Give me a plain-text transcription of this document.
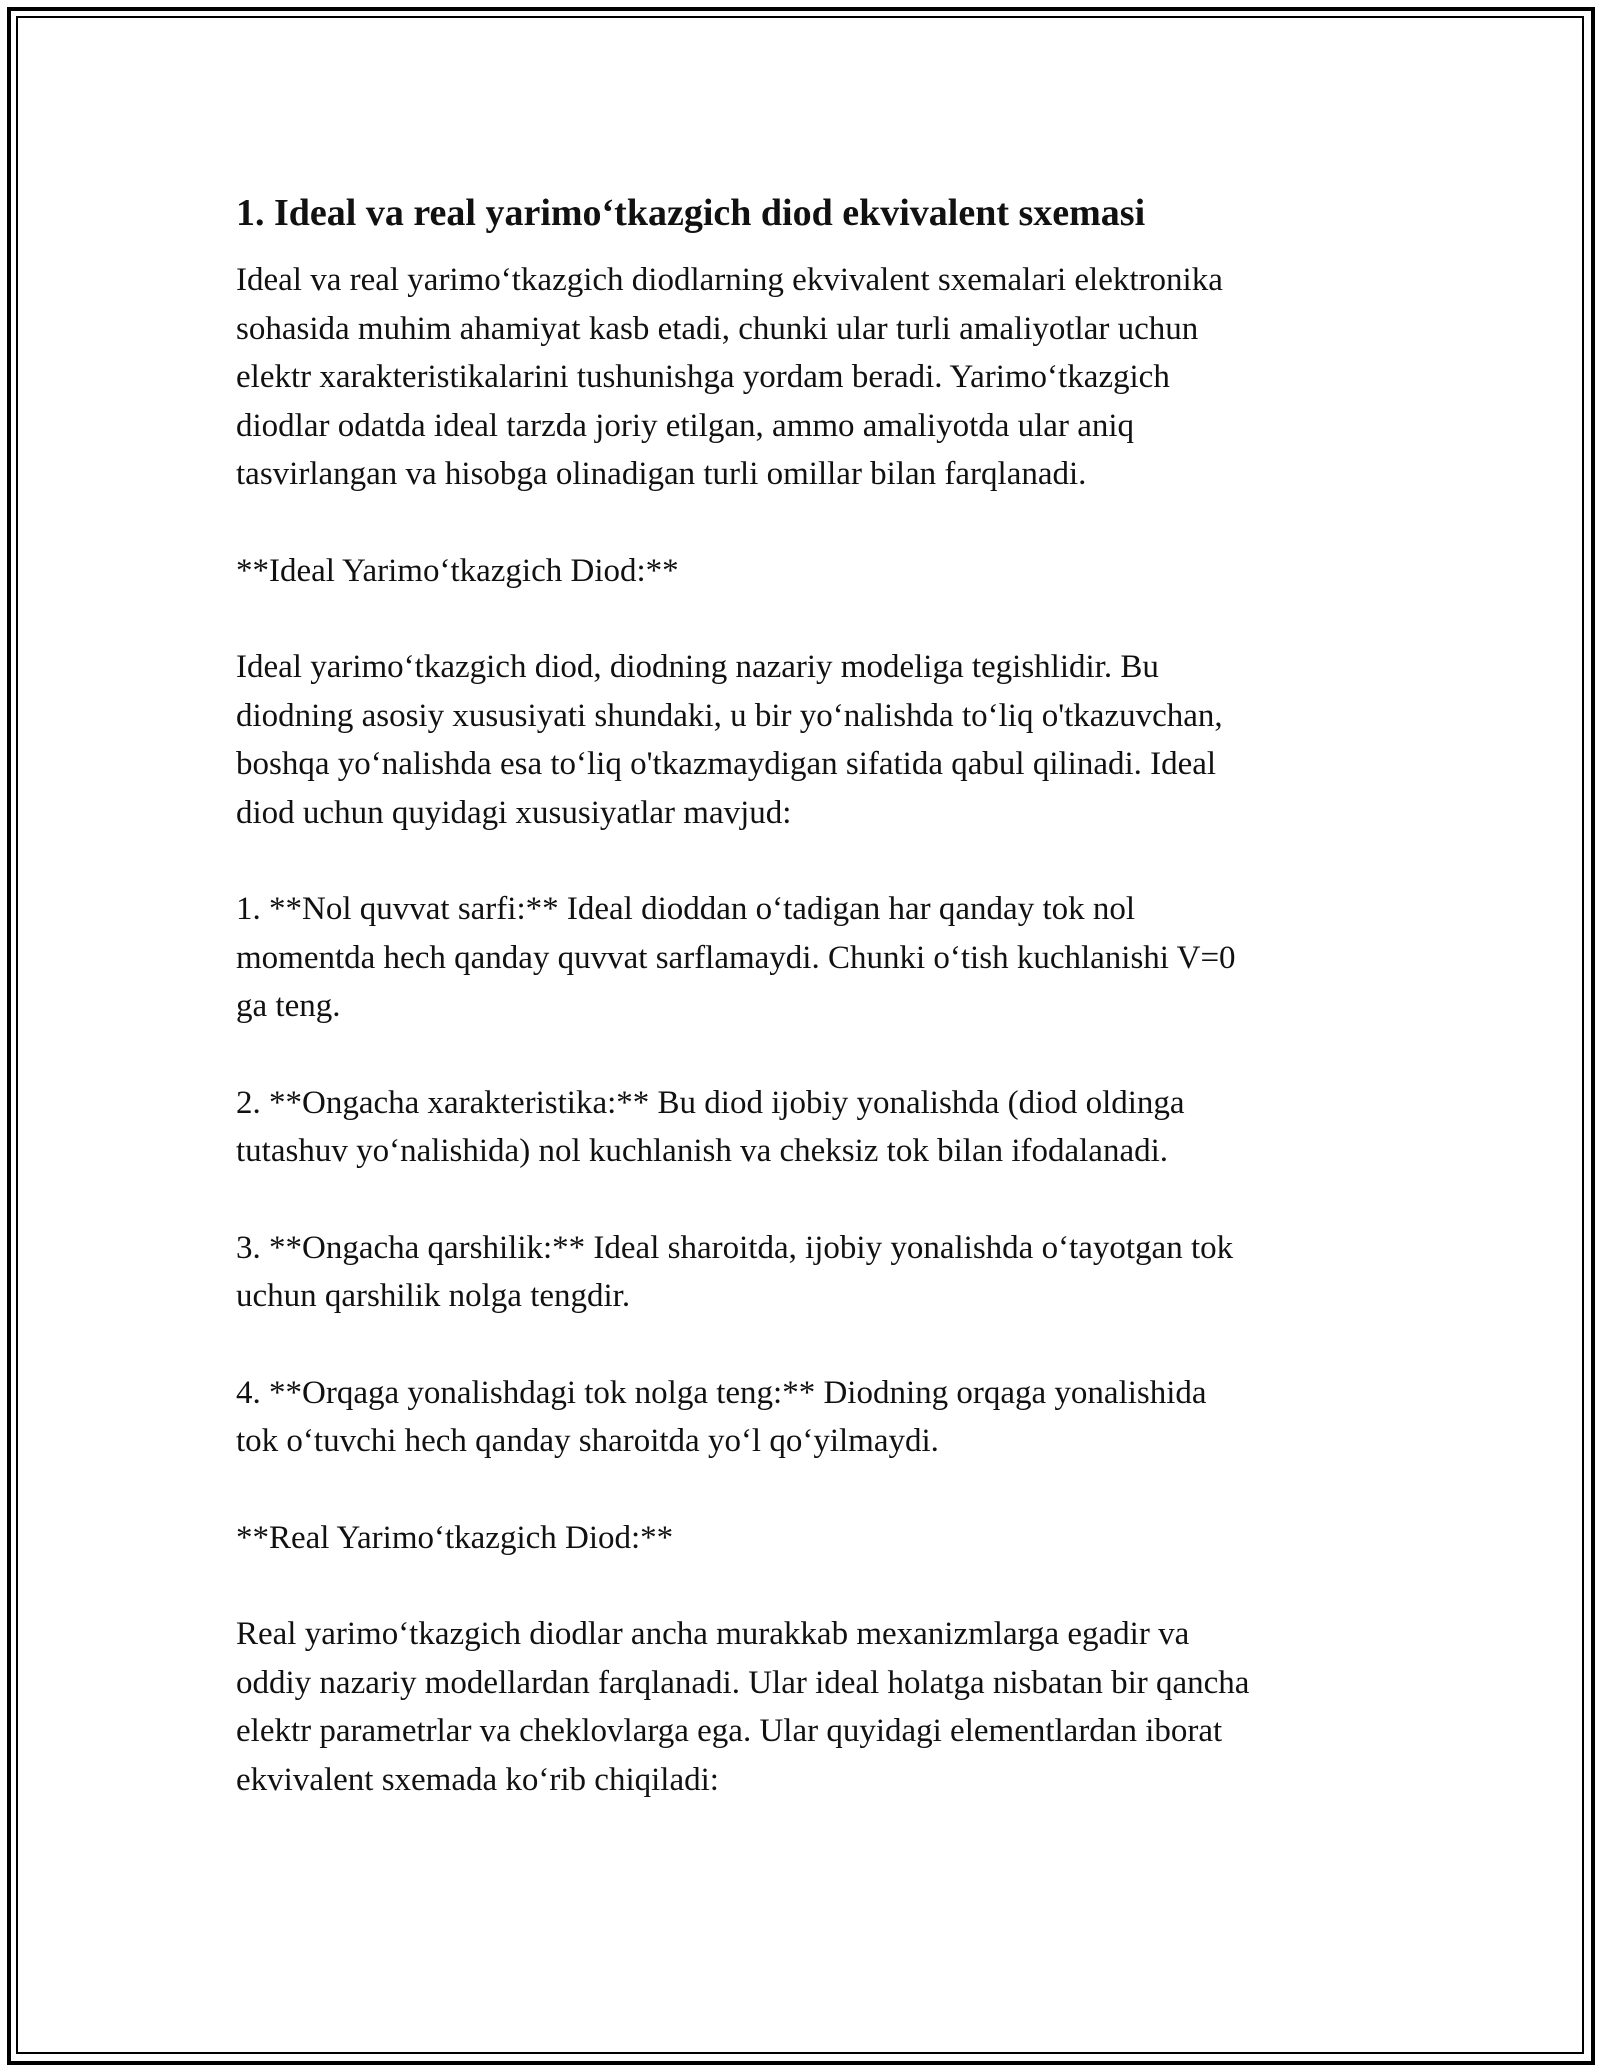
1. Ideal va real yarimo‘tkazgich diod ekvivalent sxemasi

Ideal va real yarimo‘tkazgich diodlarning ekvivalent sxemalari elektronika
sohasida muhim ahamiyat kasb etadi, chunki ular turli amaliyotlar uchun
elektr xarakteristikalarini tushunishga yordam beradi. Yarimo‘tkazgich
diodlar odatda ideal tarzda joriy etilgan, ammo amaliyotda ular aniq
tasvirlangan va hisobga olinadigan turli omillar bilan farqlanadi.

**Ideal Yarimo‘tkazgich Diod:**

Ideal yarimo‘tkazgich diod, diodning nazariy modeliga tegishlidir. Bu
diodning asosiy xususiyati shundaki, u bir yo‘nalishda to‘liq o'tkazuvchan,
boshqa yo‘nalishda esa to‘liq o'tkazmaydigan sifatida qabul qilinadi. Ideal
diod uchun quyidagi xususiyatlar mavjud:

1. **Nol quvvat sarfi:** Ideal dioddan o‘tadigan har qanday tok nol
momentda hech qanday quvvat sarflamaydi. Chunki o‘tish kuchlanishi V=0
ga teng.

2. **Ongacha xarakteristika:** Bu diod ijobiy yonalishda (diod oldinga
tutashuv yo‘nalishida) nol kuchlanish va cheksiz tok bilan ifodalanadi.

3. **Ongacha qarshilik:** Ideal sharoitda, ijobiy yonalishda o‘tayotgan tok
uchun qarshilik nolga tengdir.

4. **Orqaga yonalishdagi tok nolga teng:** Diodning orqaga yonalishida
tok o‘tuvchi hech qanday sharoitda yo‘l qo‘yilmaydi.

**Real Yarimo‘tkazgich Diod:**

Real yarimo‘tkazgich diodlar ancha murakkab mexanizmlarga egadir va
oddiy nazariy modellardan farqlanadi. Ular ideal holatga nisbatan bir qancha
elektr parametrlar va cheklovlarga ega. Ular quyidagi elementlardan iborat
ekvivalent sxemada ko‘rib chiqiladi:
